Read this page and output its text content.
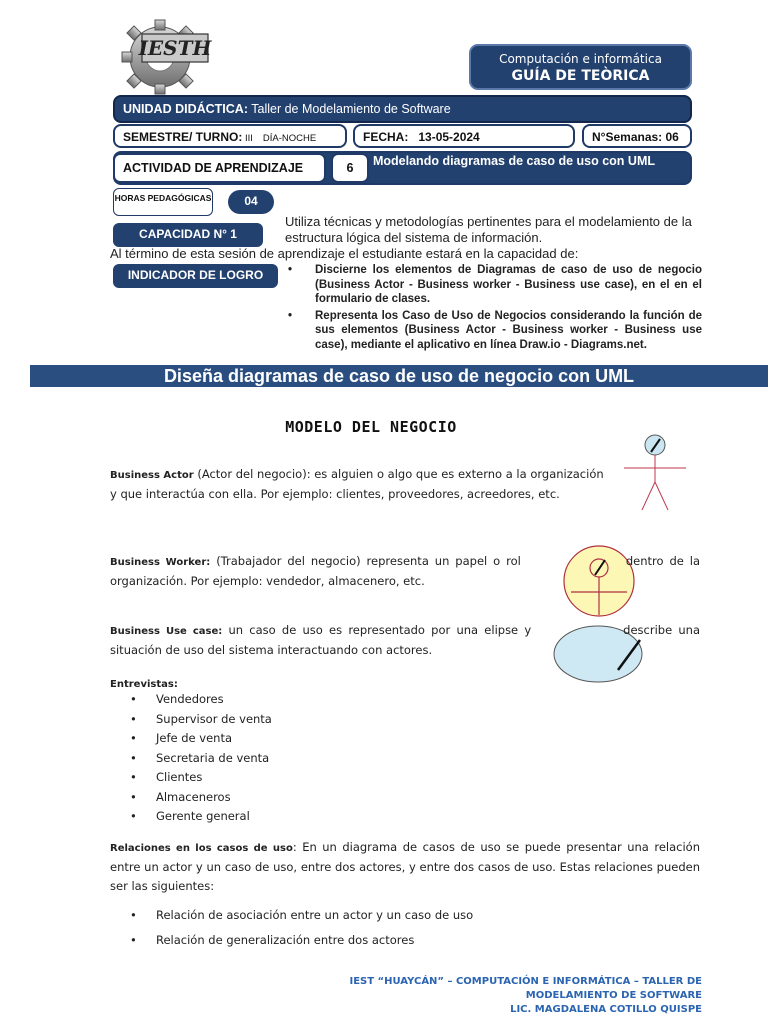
IESTH	Computación e informática
GUÍA DE TEÒRICA
UNIDAD DIDÁCTICA: Taller de Modelamiento de Software
SEMESTRE/ TURNO: III DÍA-NOCHE	FECHA: 13-05-2024	N°Semanas: 06
ACTIVIDAD DE APRENDIZAJE	6	Modelando diagramas de caso de uso con UML
HORAS PEDAGÓGICAS	04
CAPACIDAD N° 1
Utiliza técnicas y metodologías pertinentes para el modelamiento de la estructura lógica del sistema de información.
Al término de esta sesión de aprendizaje el estudiante estará en la capacidad de:
INDICADOR DE LOGRO	• Discierne los elementos de Diagramas de caso de uso de negocio (Business Actor - Business worker - Business use case), en el en el formulario de clases.
• Representa los Caso de Uso de Negocios considerando la función de sus elementos (Business Actor - Business worker - Business use case), mediante el aplicativo en línea Draw.io - Diagrams.net.
Diseña diagramas de caso de uso de negocio con UML
MODELO DEL NEGOCIO
Business Actor (Actor del negocio): es alguien o algo que es externo a la organización y que interactúa con ella. Por ejemplo: clientes, proveedores, acreedores, etc.
Business Worker: (Trabajador del negocio) representa un papel o rol	dentro de la organización. Por ejemplo: vendedor, almacenero, etc.
Business Use case: un caso de uso es representado por una elipse y	describe una situación de uso del sistema interactuando con actores.
Entrevistas:
• Vendedores
• Supervisor de venta
• Jefe de venta
• Secretaria de venta
• Clientes
• Almaceneros
• Gerente general
Relaciones en los casos de uso: En un diagrama de casos de uso se puede presentar una relación entre un actor y un caso de uso, entre dos actores, y entre dos casos de uso. Estas relaciones pueden ser las siguientes:
• Relación de asociación entre un actor y un caso de uso
• Relación de generalización entre dos actores
IEST “HUAYCÁN” – COMPUTACIÓN E INFORMÁTICA – TALLER DE MODELAMIENTO DE SOFTWARE
LIC. MAGDALENA COTILLO QUISPE
